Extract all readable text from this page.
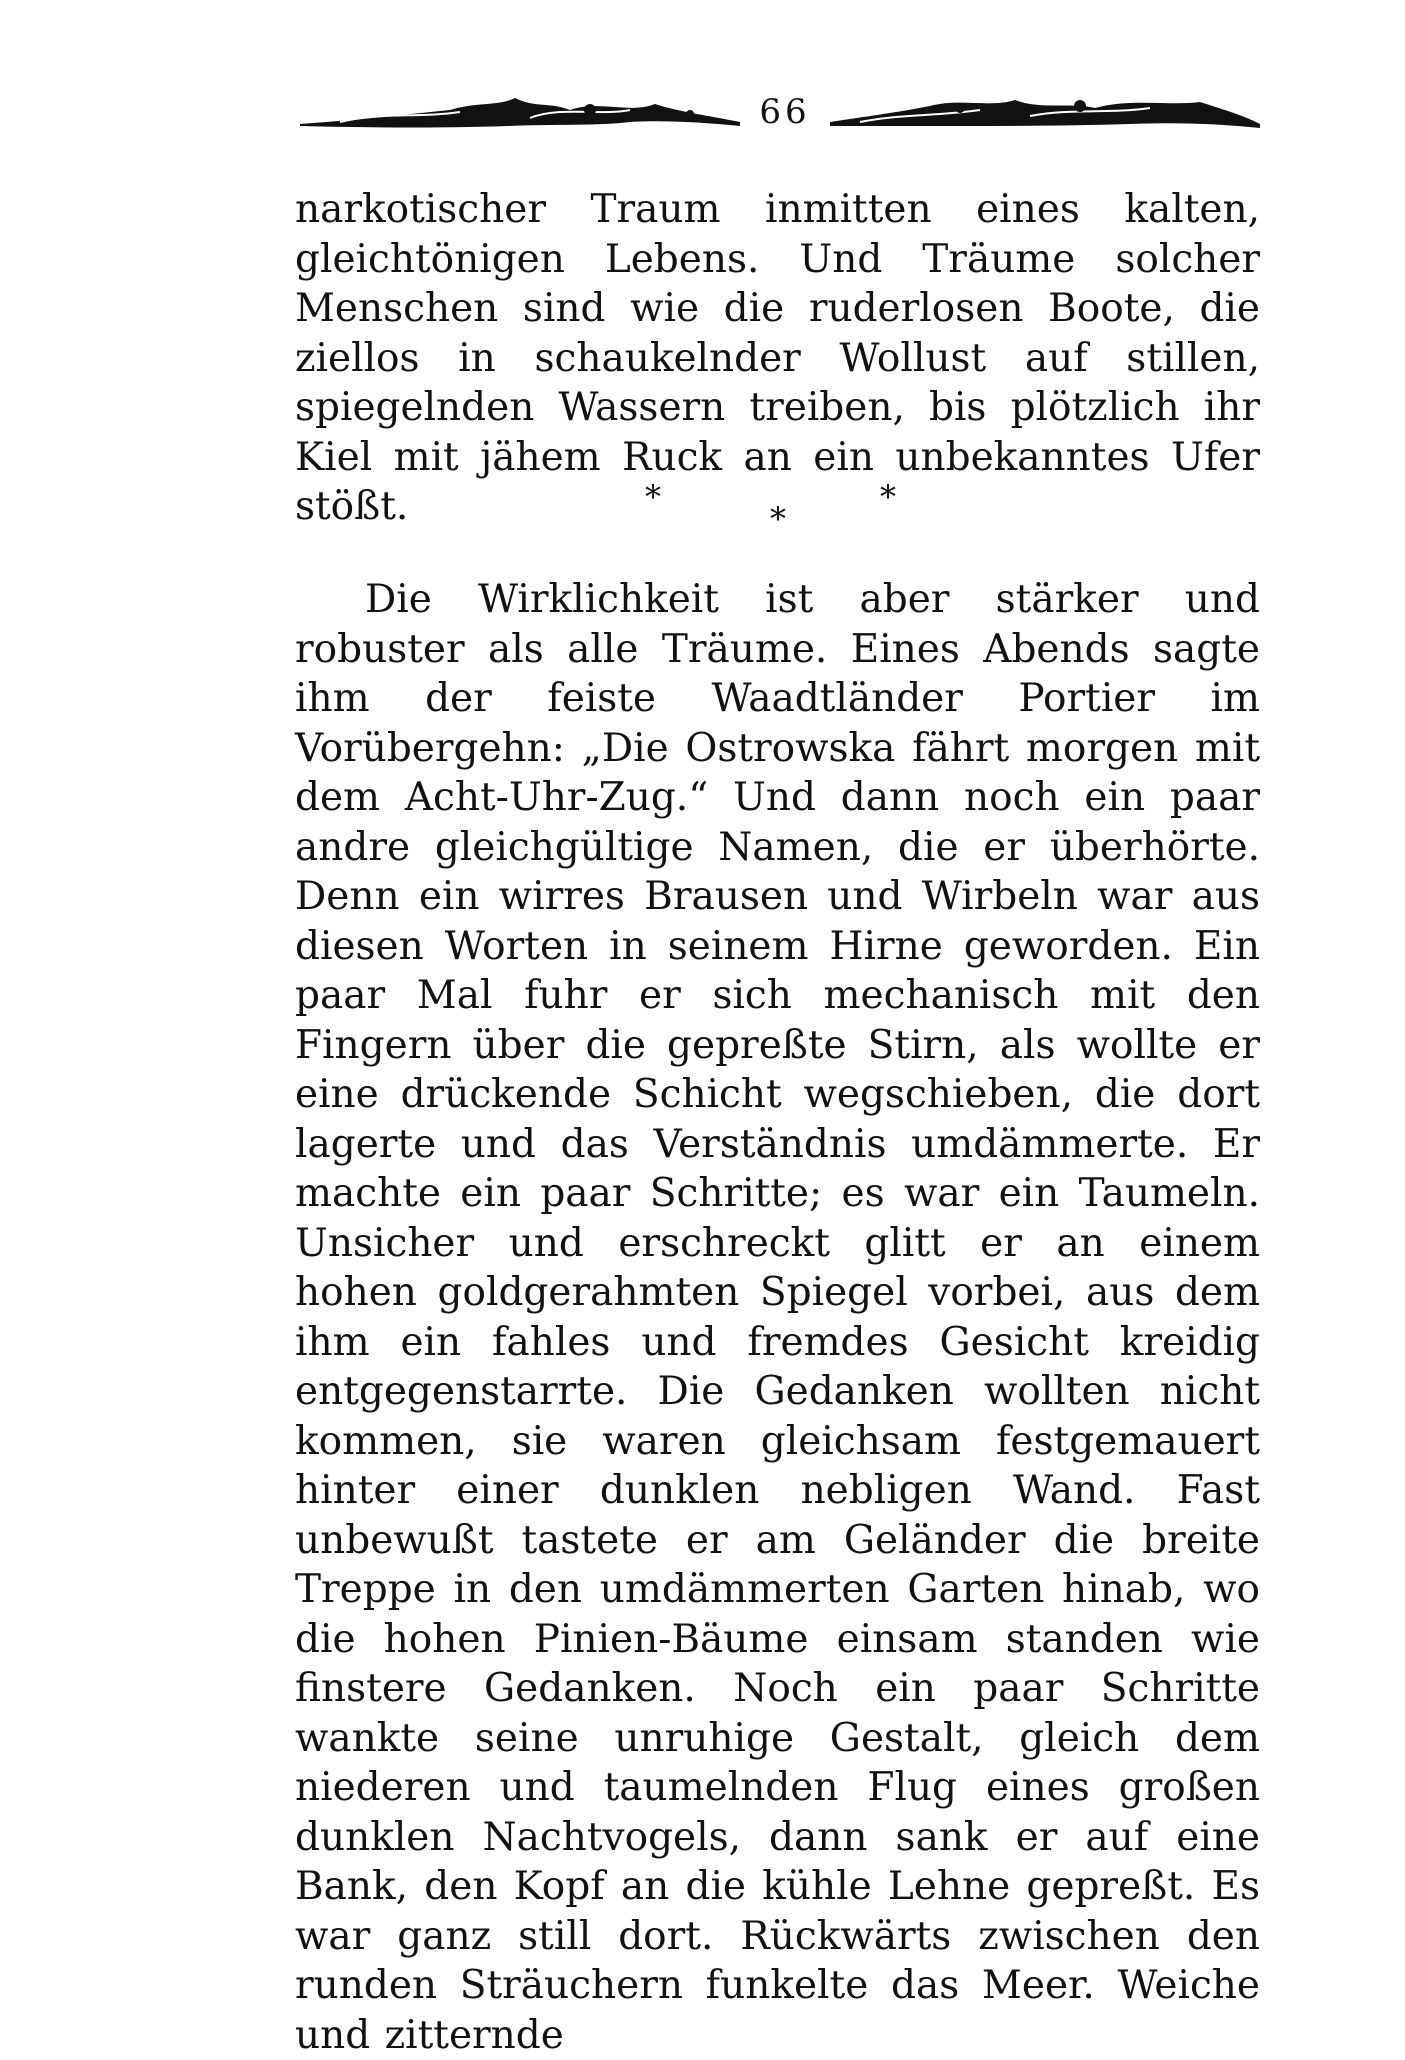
66
narkotischer Traum inmitten eines kalten, gleichtönigen Lebens. Und Träume solcher Menschen sind wie die ruderlosen Boote, die ziellos in schaukelnder Wollust auf stillen, spiegelnden Wassern treiben, bis plötzlich ihr Kiel mit jähem Ruck an ein unbekanntes Ufer stößt.	*	*
*
Die Wirklichkeit ist aber stärker und robuster als alle Träume. Eines Abends sagte ihm der feiste Waadtländer Portier im Vorübergehn: „Die Ostrowska fährt morgen mit dem Acht-Uhr-Zug.“ Und dann noch ein paar andre gleichgültige Namen, die er überhörte. Denn ein wirres Brausen und Wirbeln war aus diesen Worten in seinem Hirne geworden. Ein paar Mal fuhr er sich mechanisch mit den Fingern über die gepreßte Stirn, als wollte er eine drückende Schicht wegschieben, die dort lagerte und das Verständnis umdämmerte. Er machte ein paar Schritte; es war ein Taumeln. Unsicher und erschreckt glitt er an einem hohen goldgerahmten Spiegel vorbei, aus dem ihm ein fahles und fremdes Gesicht kreidig entgegenstarrte. Die Gedanken wollten nicht kommen, sie waren gleichsam festgemauert hinter einer dunklen nebligen Wand. Fast unbewußt tastete er am Geländer die breite Treppe in den umdämmerten Garten hinab, wo die hohen Pinien-Bäume einsam standen wie finstere Gedanken. Noch ein paar Schritte wankte seine unruhige Gestalt, gleich dem niederen und taumelnden Flug eines großen dunklen Nachtvogels, dann sank er auf eine Bank, den Kopf an die kühle Lehne gepreßt. Es war ganz still dort. Rückwärts zwischen den runden Sträuchern funkelte das Meer. Weiche und zitternde
